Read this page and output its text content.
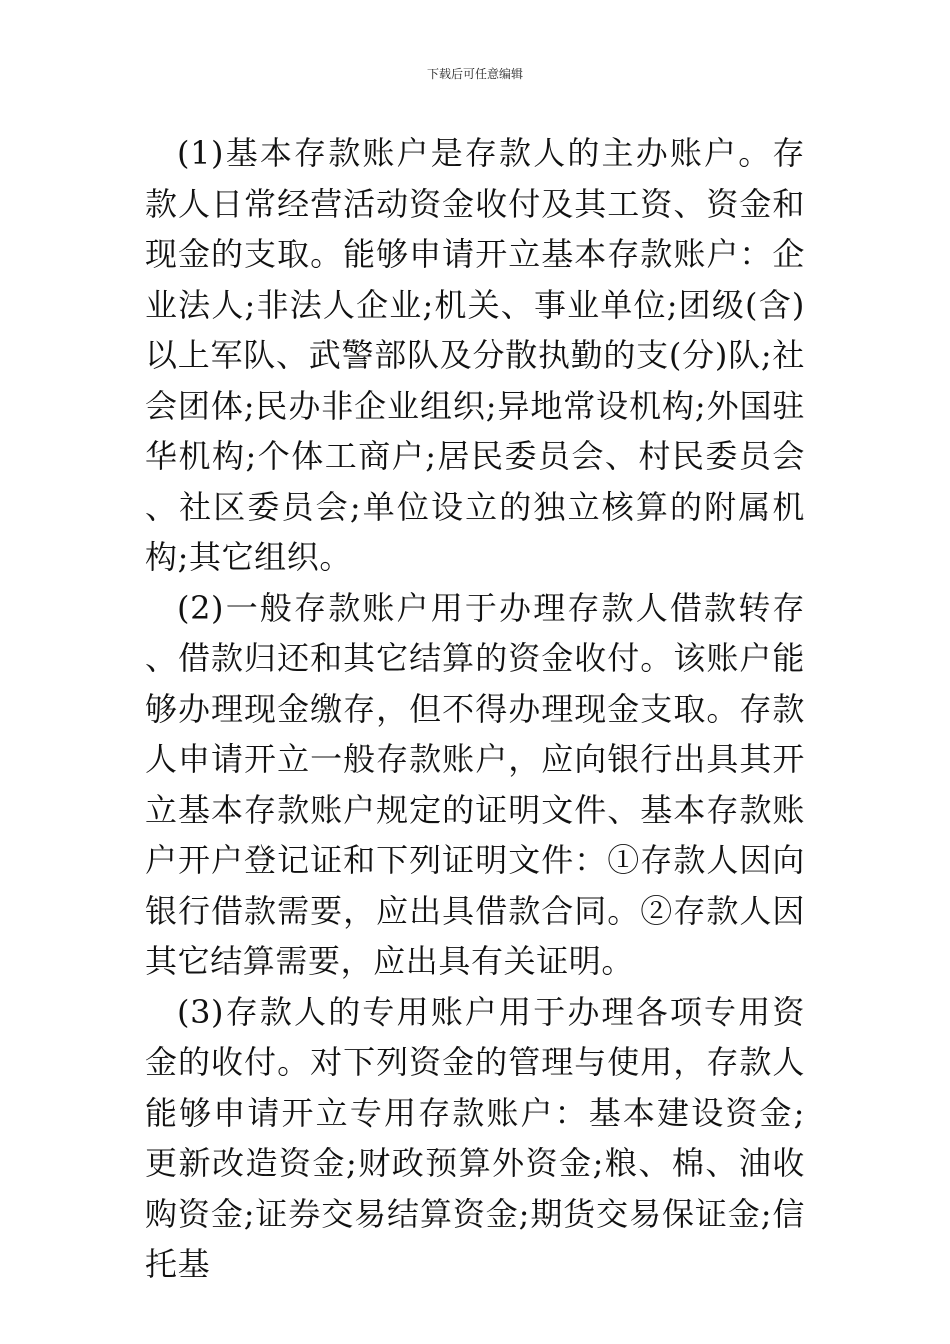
下载后可任意编辑

(1)基本存款账户是存款人的主办账户。存款人日常经营活动资金收付及其工资、资金和现金的支取。能够申请开立基本存款账户：企业法人;非法人企业;机关、事业单位;团级(含)以上军队、武警部队及分散执勤的支(分)队;社会团体;民办非企业组织;异地常设机构;外国驻华机构;个体工商户;居民委员会、村民委员会、社区委员会;单位设立的独立核算的附属机构;其它组织。

(2)一般存款账户用于办理存款人借款转存、借款归还和其它结算的资金收付。该账户能够办理现金缴存，但不得办理现金支取。存款人申请开立一般存款账户，应向银行出具其开立基本存款账户规定的证明文件、基本存款账户开户登记证和下列证明文件：①存款人因向银行借款需要，应出具借款合同。②存款人因其它结算需要，应出具有关证明。

(3)存款人的专用账户用于办理各项专用资金的收付。对下列资金的管理与使用，存款人能够申请开立专用存款账户：基本建设资金;更新改造资金;财政预算外资金;粮、棉、油收购资金;证券交易结算资金;期货交易保证金;信托基
